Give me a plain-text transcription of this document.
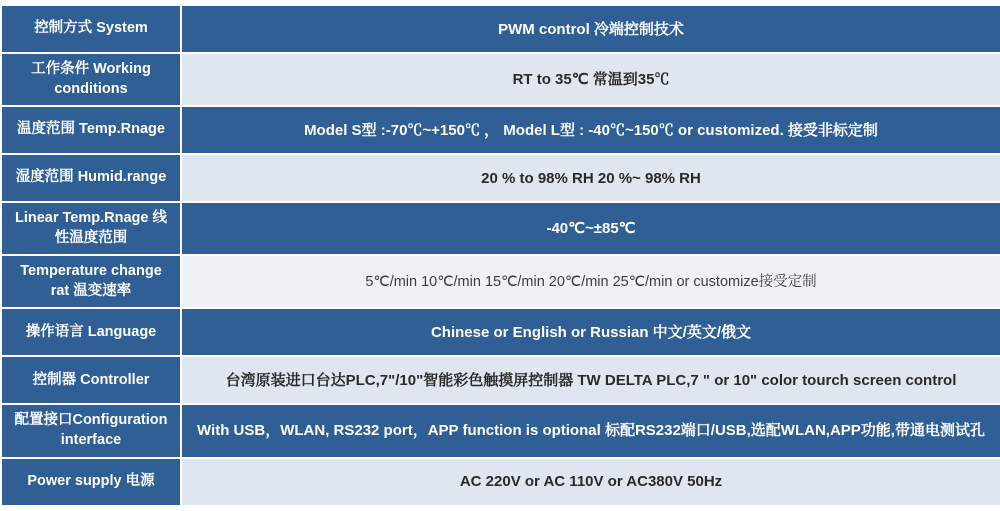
控制方式 System	PWM control 冷端控制技术
工作条件 Working conditions	RT to 35℃ 常温到35℃
温度范围 Temp.Rnage	Model S型 :-70℃~+150℃ ， Model L型 : -40℃~150℃ or customized. 接受非标定制
湿度范围 Humid.range	20 % to 98% RH 20 %~ 98% RH
Linear Temp.Rnage 线性温度范围	-40℃~±85℃
Temperature change rat 温变速率	5℃/min 10℃/min 15℃/min 20℃/min 25℃/min or customize接受定制
操作语言 Language	Chinese or English or Russian 中文/英文/俄文
控制器 Controller	台湾原装进口台达PLC,7"/10"智能彩色触摸屏控制器 TW DELTA PLC,7 " or 10" color tourch screen control
配置接口Configuration interface	With USB，WLAN, RS232 port，APP function is optional 标配RS232端口/USB,选配WLAN,APP功能,带通电测试孔
Power supply 电源	AC 220V or AC 110V or AC380V 50Hz
